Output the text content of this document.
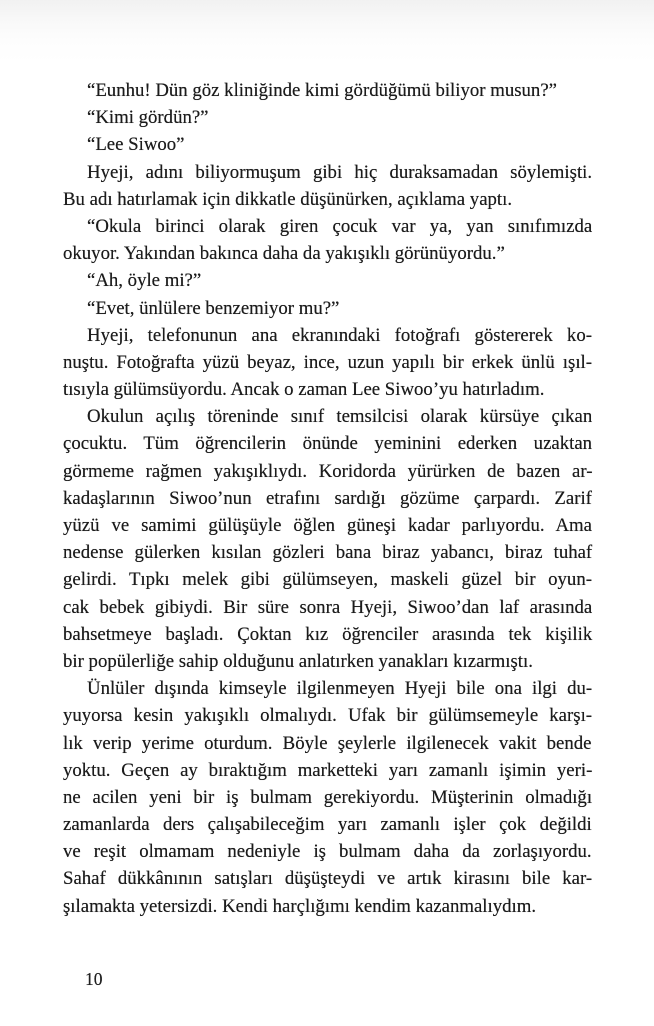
“Eunhu! Dün göz kliniğinde kimi gördüğümü biliyor musun?”
“Kimi gördün?”
“Lee Siwoo”
Hyeji, adını biliyormuşum gibi hiç duraksamadan söylemişti.
Bu adı hatırlamak için dikkatle düşünürken, açıklama yaptı.
“Okula birinci olarak giren çocuk var ya, yan sınıfımızda
okuyor. Yakından bakınca daha da yakışıklı görünüyordu.”
“Ah, öyle mi?”
“Evet, ünlülere benzemiyor mu?”
Hyeji, telefonunun ana ekranındaki fotoğrafı göstererek ko-
nuştu. Fotoğrafta yüzü beyaz, ince, uzun yapılı bir erkek ünlü ışıl-
tısıyla gülümsüyordu. Ancak o zaman Lee Siwoo’yu hatırladım.
Okulun açılış töreninde sınıf temsilcisi olarak kürsüye çıkan
çocuktu. Tüm öğrencilerin önünde yeminini ederken uzaktan
görmeme rağmen yakışıklıydı. Koridorda yürürken de bazen ar-
kadaşlarının Siwoo’nun etrafını sardığı gözüme çarpardı. Zarif
yüzü ve samimi gülüşüyle öğlen güneşi kadar parlıyordu. Ama
nedense gülerken kısılan gözleri bana biraz yabancı, biraz tuhaf
gelirdi. Tıpkı melek gibi gülümseyen, maskeli güzel bir oyun-
cak bebek gibiydi. Bir süre sonra Hyeji, Siwoo’dan laf arasında
bahsetmeye başladı. Çoktan kız öğrenciler arasında tek kişilik
bir popülerliğe sahip olduğunu anlatırken yanakları kızarmıştı.
Ünlüler dışında kimseyle ilgilenmeyen Hyeji bile ona ilgi du-
yuyorsa kesin yakışıklı olmalıydı. Ufak bir gülümsemeyle karşı-
lık verip yerime oturdum. Böyle şeylerle ilgilenecek vakit bende
yoktu. Geçen ay bıraktığım marketteki yarı zamanlı işimin yeri-
ne acilen yeni bir iş bulmam gerekiyordu. Müşterinin olmadığı
zamanlarda ders çalışabileceğim yarı zamanlı işler çok değildi
ve reşit olmamam nedeniyle iş bulmam daha da zorlaşıyordu.
Sahaf dükkânının satışları düşüşteydi ve artık kirasını bile kar-
şılamakta yetersizdi. Kendi harçlığımı kendim kazanmalıydım.
10
